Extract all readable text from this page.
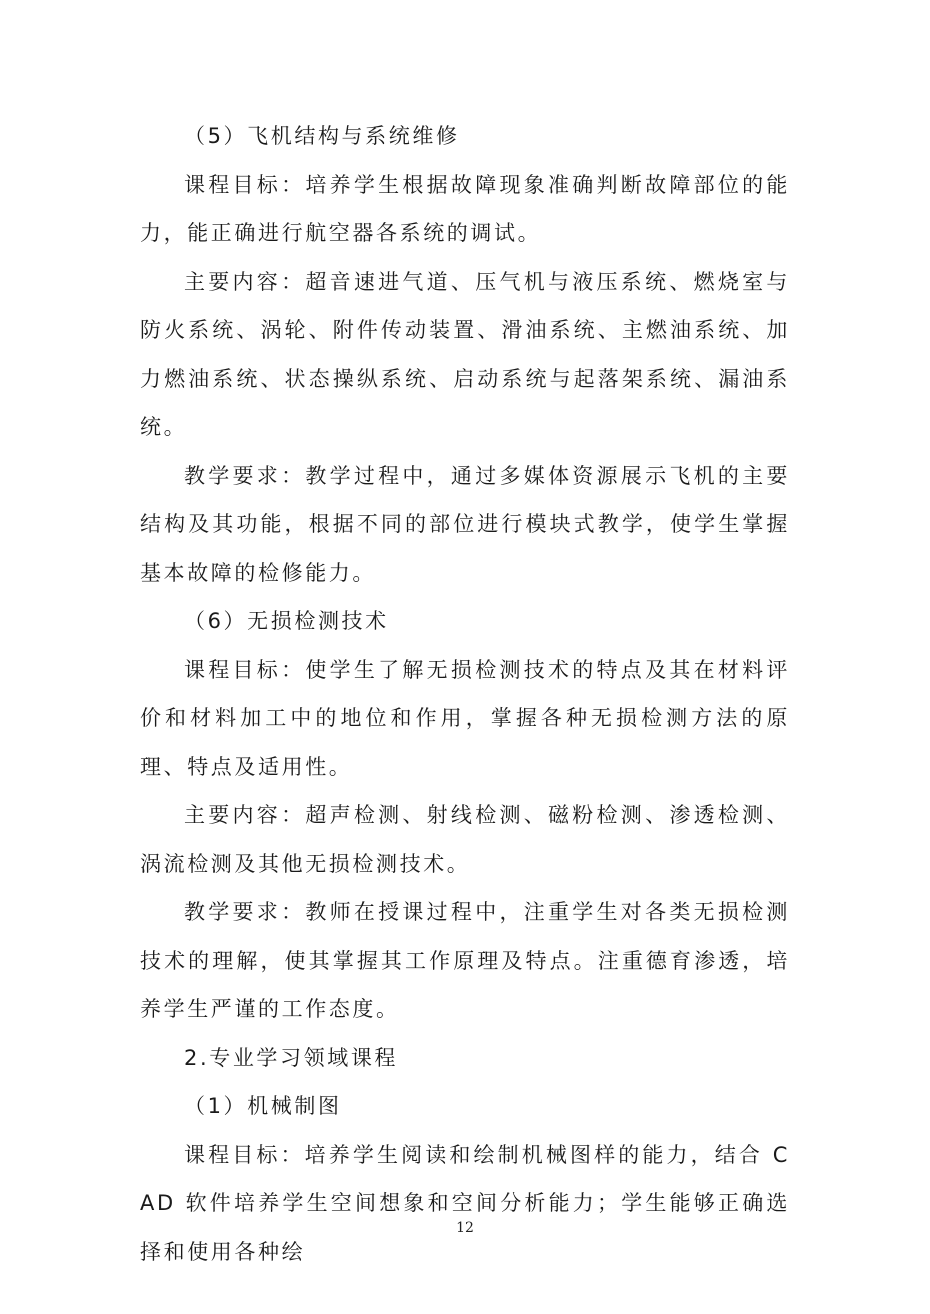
（5）飞机结构与系统维修

课程目标：培养学生根据故障现象准确判断故障部位的能力，能正确进行航空器各系统的调试。

主要内容：超音速进气道、压气机与液压系统、燃烧室与防火系统、涡轮、附件传动装置、滑油系统、主燃油系统、加力燃油系统、状态操纵系统、启动系统与起落架系统、漏油系统。

教学要求：教学过程中，通过多媒体资源展示飞机的主要结构及其功能，根据不同的部位进行模块式教学，使学生掌握基本故障的检修能力。

（6）无损检测技术

课程目标：使学生了解无损检测技术的特点及其在材料评价和材料加工中的地位和作用，掌握各种无损检测方法的原理、特点及适用性。

主要内容：超声检测、射线检测、磁粉检测、渗透检测、涡流检测及其他无损检测技术。

教学要求：教师在授课过程中，注重学生对各类无损检测技术的理解，使其掌握其工作原理及特点。注重德育渗透，培养学生严谨的工作态度。

2.专业学习领域课程

（1）机械制图

课程目标：培养学生阅读和绘制机械图样的能力，结合 CAD 软件培养学生空间想象和空间分析能力；学生能够正确选择和使用各种绘

12
